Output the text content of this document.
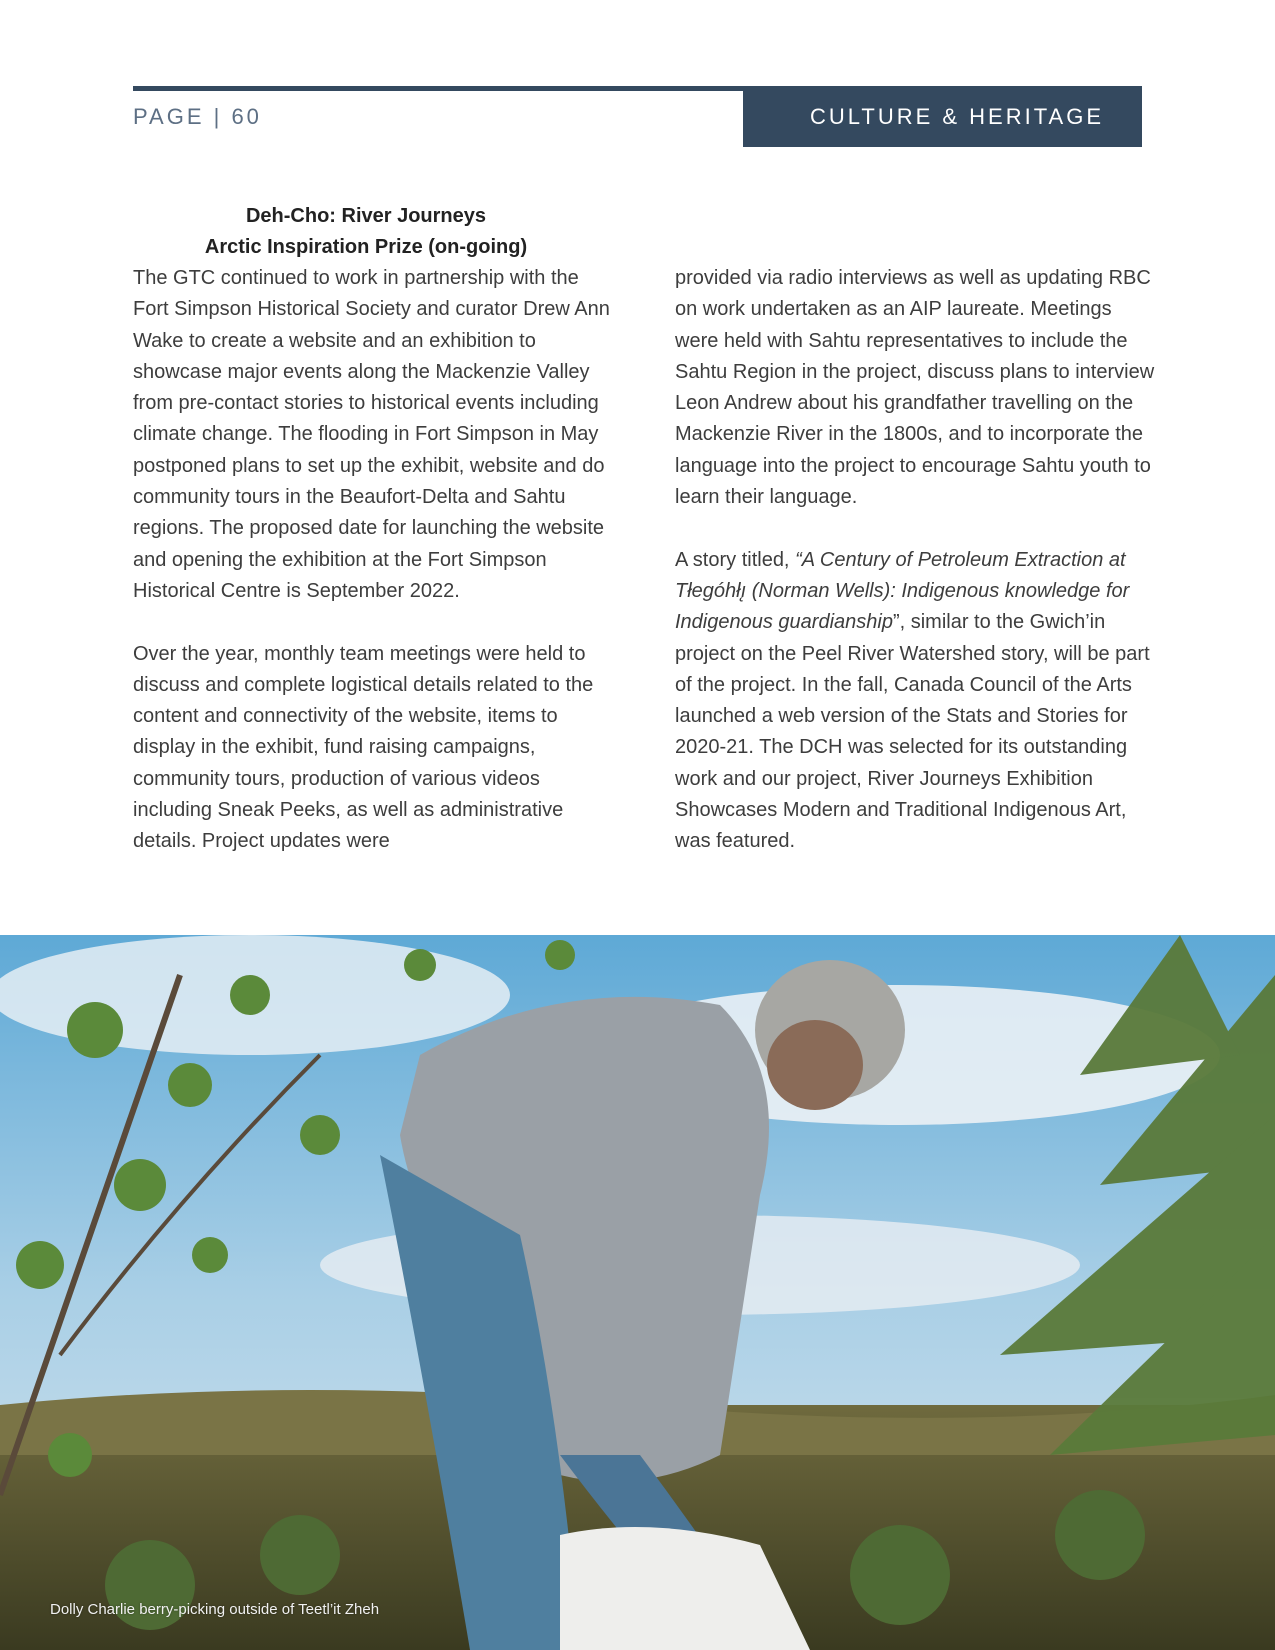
PAGE | 60	CULTURE & HERITAGE
Deh-Cho: River Journeys
Arctic Inspiration Prize (on-going)

The GTC continued to work in partnership with the Fort Simpson Historical Society and curator Drew Ann Wake to create a website and an exhibition to showcase major events along the Mackenzie Valley from pre-contact stories to historical events including climate change. The flooding in Fort Simpson in May postponed plans to set up the exhibit, website and do community tours in the Beaufort-Delta and Sahtu regions. The proposed date for launching the website and opening the exhibition at the Fort Simpson Historical Centre is September 2022.

Over the year, monthly team meetings were held to discuss and complete logistical details related to the content and connectivity of the website, items to display in the exhibit, fund raising campaigns, community tours, production of various videos including Sneak Peeks, as well as administrative details. Project updates were

provided via radio interviews as well as updating RBC on work undertaken as an AIP laureate. Meetings were held with Sahtu representatives to include the Sahtu Region in the project, discuss plans to interview Leon Andrew about his grandfather travelling on the Mackenzie River in the 1800s, and to incorporate the language into the project to encourage Sahtu youth to learn their language.

A story titled, “A Century of Petroleum Extraction at Tłegóhłı̨ (Norman Wells): Indigenous knowledge for Indigenous guardianship”, similar to the Gwich’in project on the Peel River Watershed story, will be part of the project. In the fall, Canada Council of the Arts launched a web version of the Stats and Stories for 2020-21. The DCH was selected for its outstanding work and our project, River Journeys Exhibition Showcases Modern and Traditional Indigenous Art, was featured.

Dolly Charlie berry-picking outside of Teetl’it Zheh
